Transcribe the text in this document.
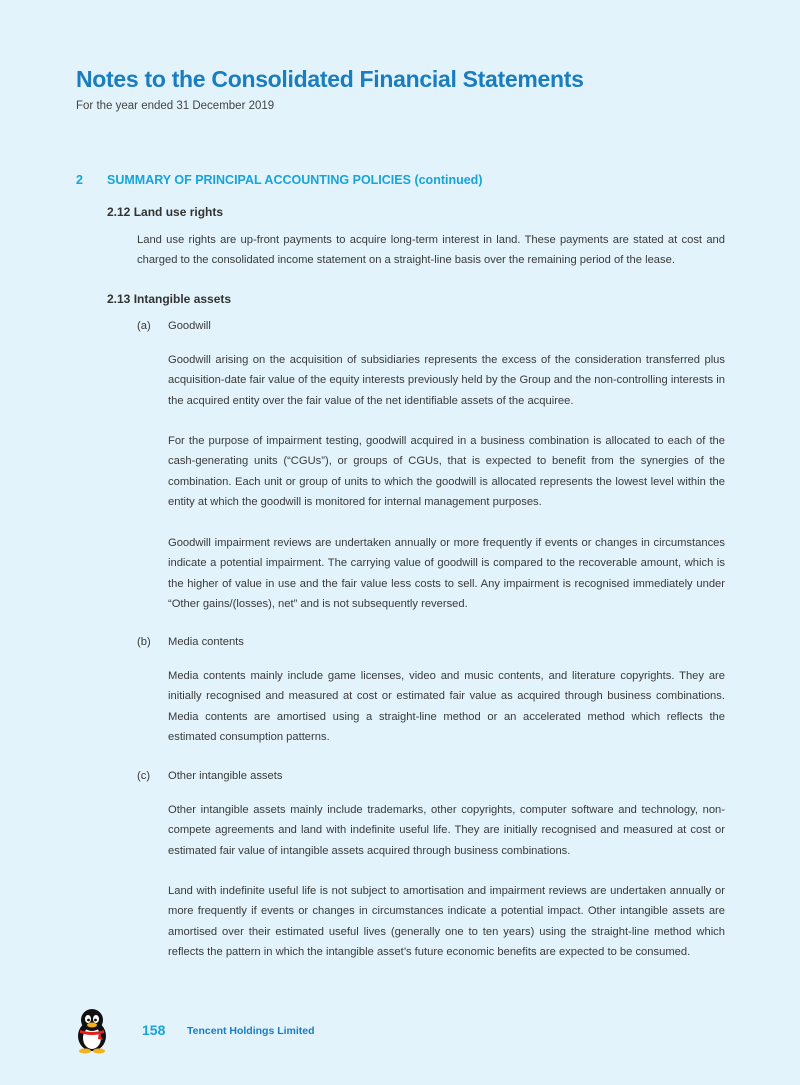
Notes to the Consolidated Financial Statements
For the year ended 31 December 2019
2 SUMMARY OF PRINCIPAL ACCOUNTING POLICIES (continued)
2.12 Land use rights

Land use rights are up-front payments to acquire long-term interest in land. These payments are stated at cost and charged to the consolidated income statement on a straight-line basis over the remaining period of the lease.

2.13 Intangible assets
(a) Goodwill

Goodwill arising on the acquisition of subsidiaries represents the excess of the consideration transferred plus acquisition-date fair value of the equity interests previously held by the Group and the non-controlling interests in the acquired entity over the fair value of the net identifiable assets of the acquiree.

For the purpose of impairment testing, goodwill acquired in a business combination is allocated to each of the cash-generating units (“CGUs”), or groups of CGUs, that is expected to benefit from the synergies of the combination. Each unit or group of units to which the goodwill is allocated represents the lowest level within the entity at which the goodwill is monitored for internal management purposes.

Goodwill impairment reviews are undertaken annually or more frequently if events or changes in circumstances indicate a potential impairment. The carrying value of goodwill is compared to the recoverable amount, which is the higher of value in use and the fair value less costs to sell. Any impairment is recognised immediately under “Other gains/(losses), net” and is not subsequently reversed.

(b) Media contents

Media contents mainly include game licenses, video and music contents, and literature copyrights. They are initially recognised and measured at cost or estimated fair value as acquired through business combinations. Media contents are amortised using a straight-line method or an accelerated method which reflects the estimated consumption patterns.

(c) Other intangible assets

Other intangible assets mainly include trademarks, other copyrights, computer software and technology, non-compete agreements and land with indefinite useful life. They are initially recognised and measured at cost or estimated fair value of intangible assets acquired through business combinations.

Land with indefinite useful life is not subject to amortisation and impairment reviews are undertaken annually or more frequently if events or changes in circumstances indicate a potential impact. Other intangible assets are amortised over their estimated useful lives (generally one to ten years) using the straight-line method which reflects the pattern in which the intangible asset’s future economic benefits are expected to be consumed.

158 Tencent Holdings Limited
